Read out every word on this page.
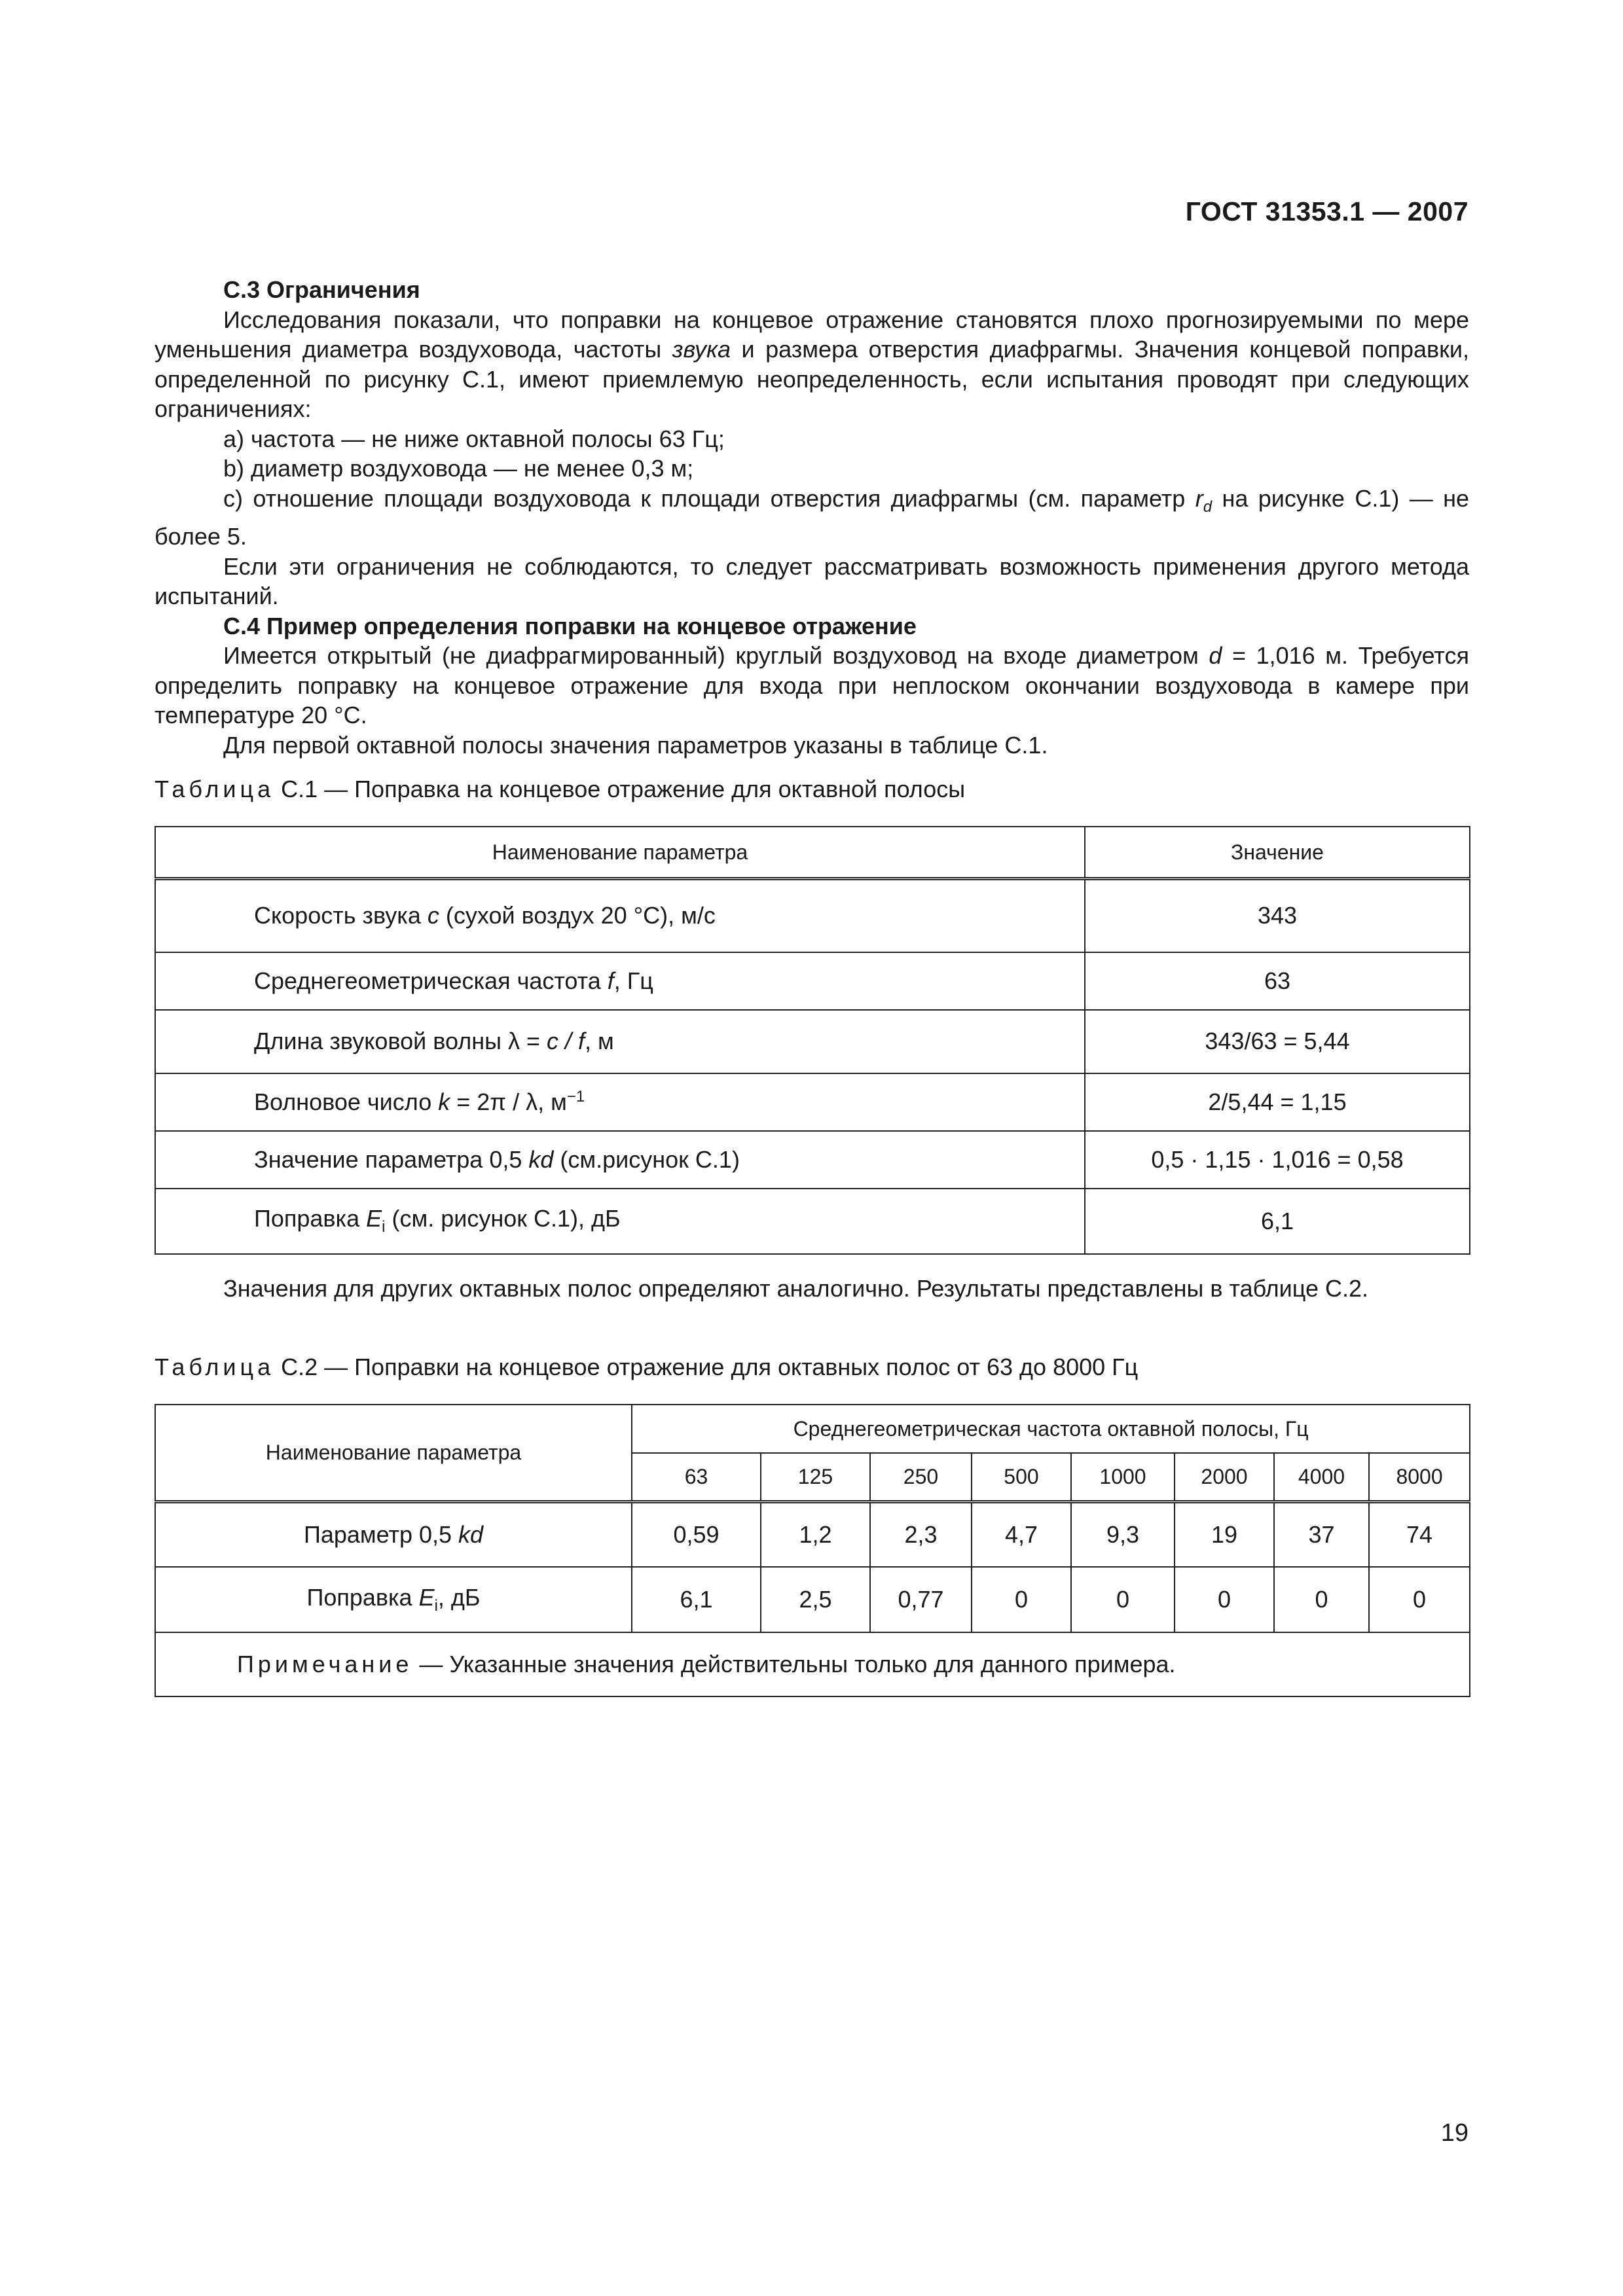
ГОСТ 31353.1 — 2007

С.3 Ограничения

Исследования показали, что поправки на концевое отражение становятся плохо прогнозируемыми по мере уменьшения диаметра воздуховода, частоты звука и размера отверстия диафрагмы. Значения концевой поправки, определенной по рисунку С.1, имеют приемлемую неопределенность, если испытания проводят при следующих ограничениях:

a) частота — не ниже октавной полосы 63 Гц;

b) диаметр воздуховода — не менее 0,3 м;

c) отношение площади воздуховода к площади отверстия диафрагмы (см. параметр $r_d$ на рисунке С.1) — не более 5.

Если эти ограничения не соблюдаются, то следует рассматривать возможность применения другого метода испытаний.

С.4 Пример определения поправки на концевое отражение

Имеется открытый (не диафрагмированный) круглый воздуховод на входе диаметром d = 1,016 м. Требуется определить поправку на концевое отражение для входа при неплоском окончании воздуховода в камере при температуре 20 °С.

Для первой октавной полосы значения параметров указаны в таблице С.1.

Таблица С.1 — Поправка на концевое отражение для октавной полосы
Наименование параметра	Значение
Скорость звука c (сухой воздух 20 °С), м/с	343
Среднегеометрическая частота f, Гц	63
Длина звуковой волны λ = c / f, м	343/63 = 5,44
Волновое число k = 2π / λ, $м^{-1}$	2/5,44 = 1,15
Значение параметра 0,5 kd (см.рисунок С.1)	0,5 · 1,15 · 1,016 = 0,58
Поправка $E_i$ (см. рисунок С.1), дБ	6,1
Значения для других октавных полос определяют аналогично. Результаты представлены в таблице С.2.
Таблица С.2 — Поправки на концевое отражение для октавных полос от 63 до 8000 Гц
Наименование параметра	Среднегеометрическая частота октавной полосы, Гц							
	63	125	250	500	1000	2000	4000	8000
Параметр 0,5 kd	0,59	1,2	2,3	4,7	9,3	19	37	74
Поправка $E_i$, дБ	6,1	2,5	0,77	0	0	0	0	0
Примечание — Указанные значения действительны только для данного примера.								
19
